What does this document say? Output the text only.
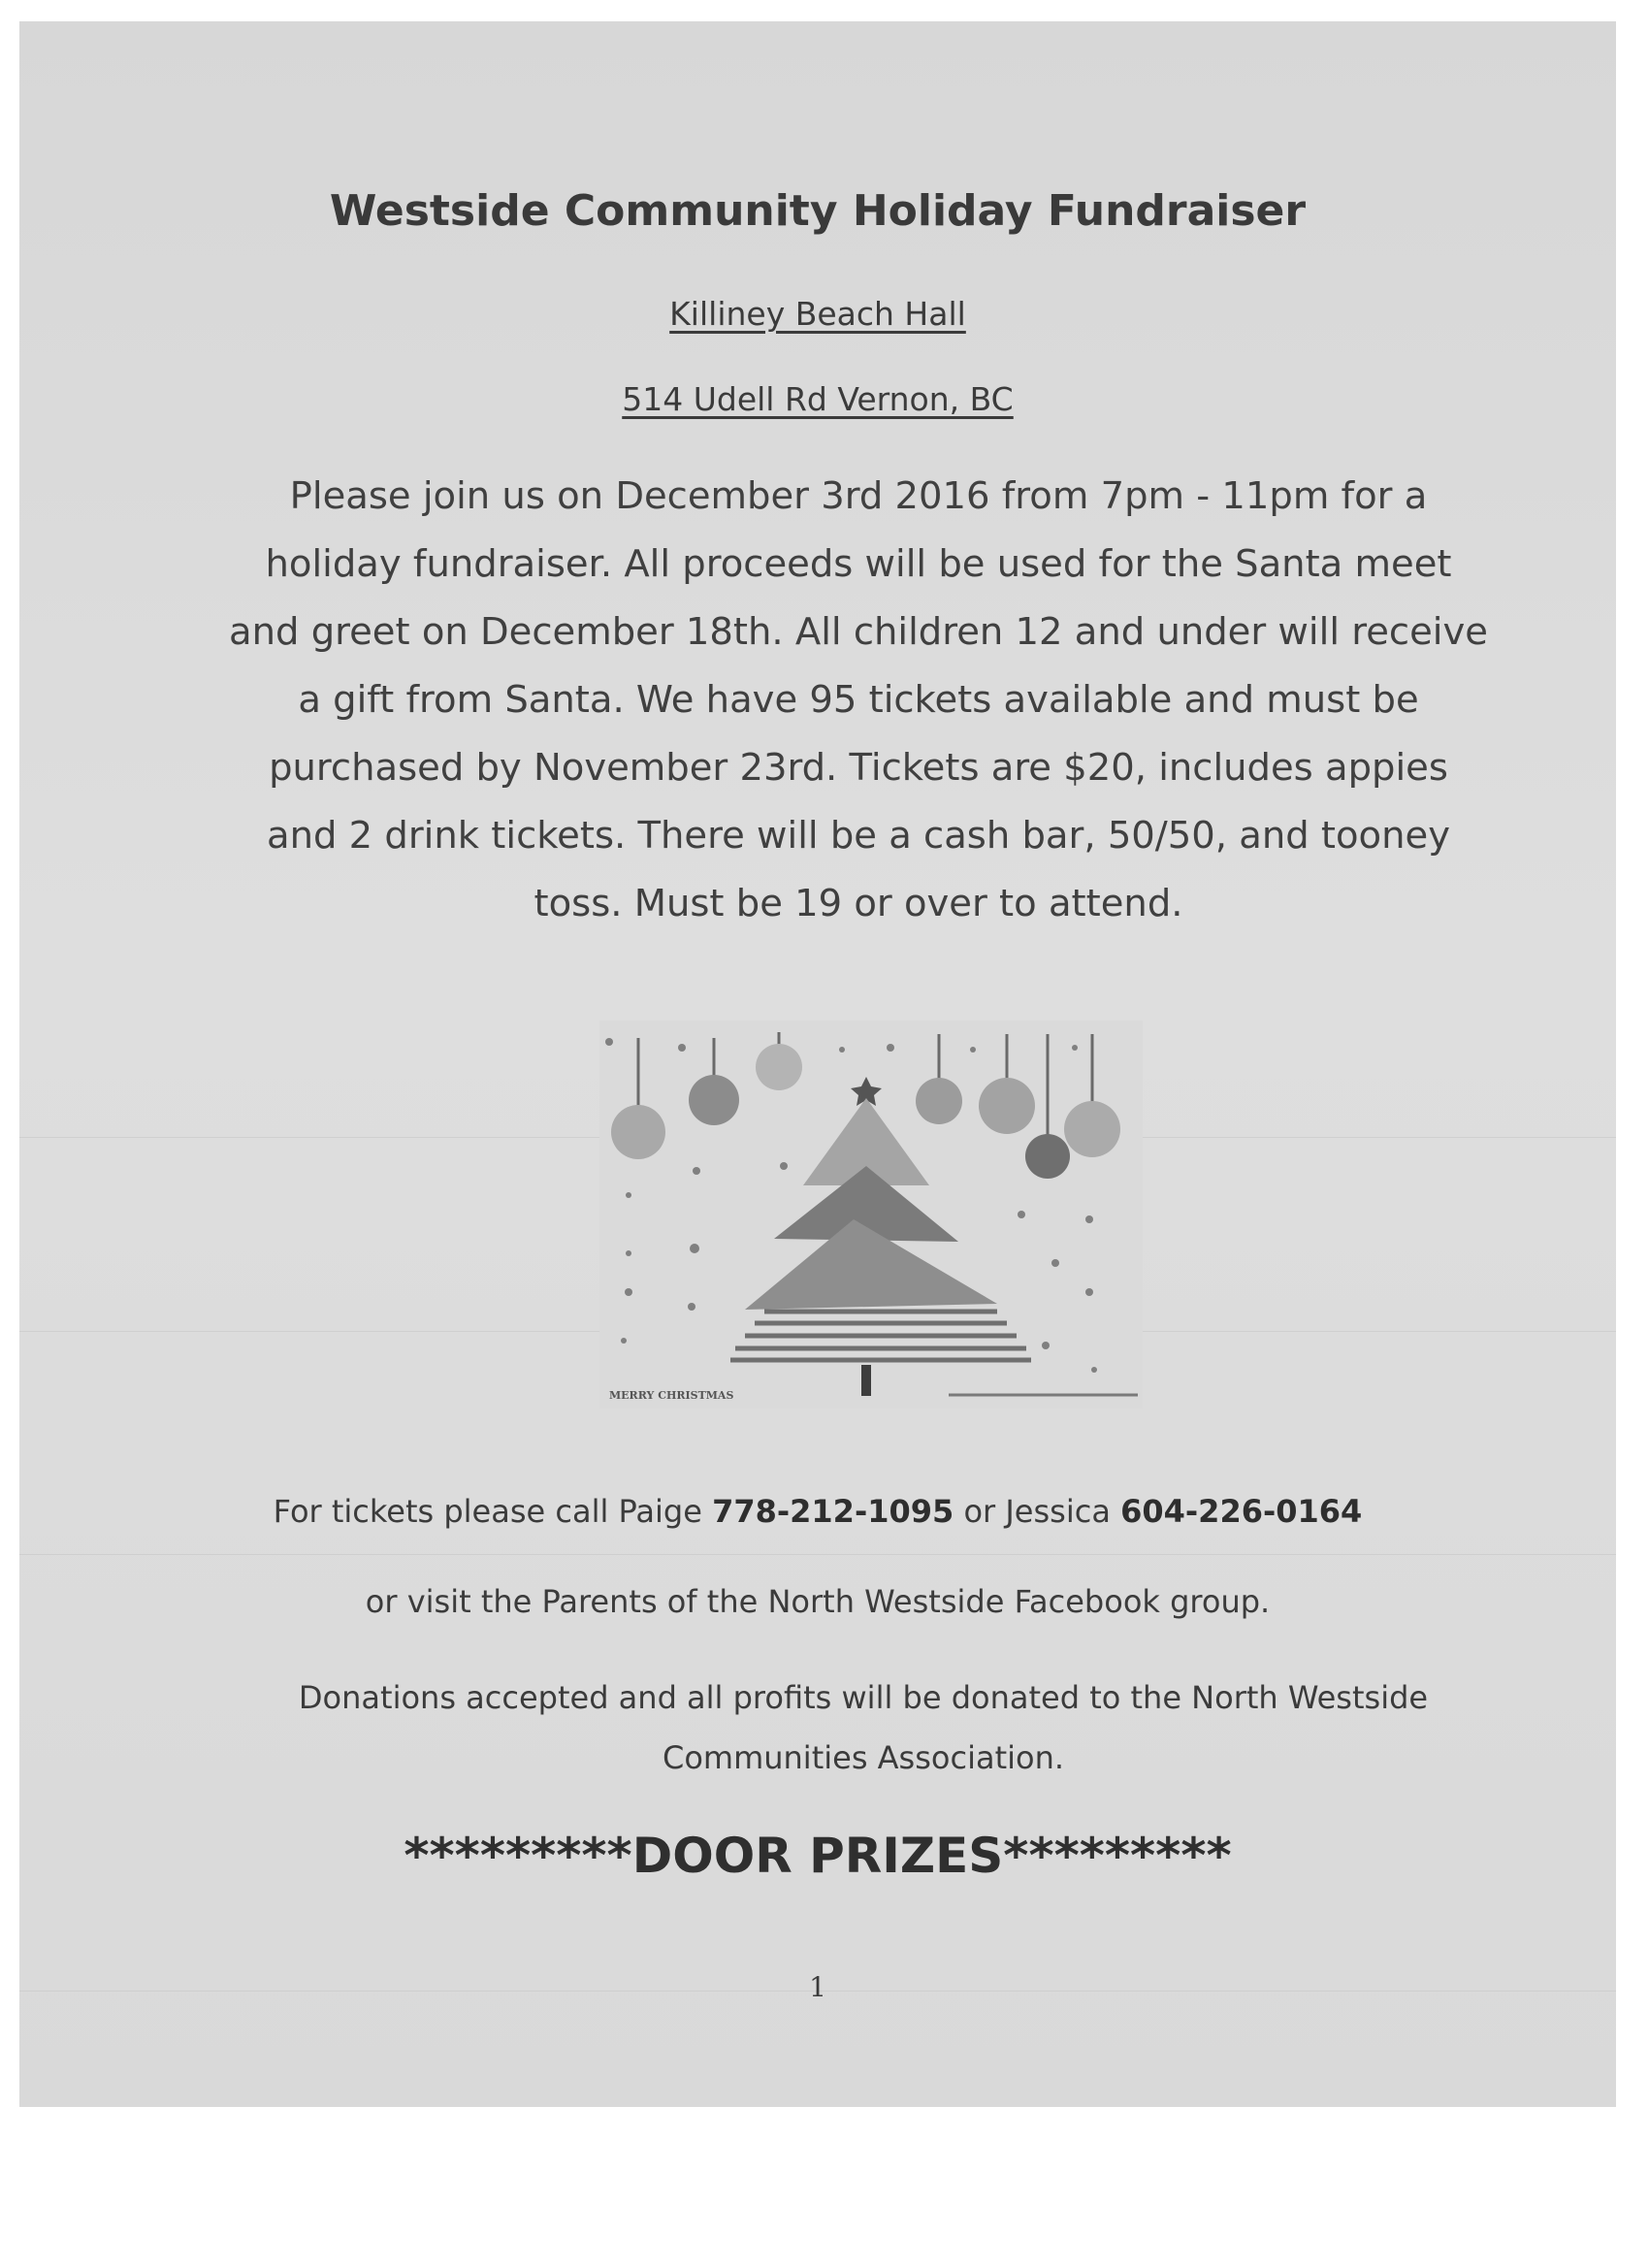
Westside Community Holiday Fundraiser
Killiney Beach Hall
514 Udell Rd Vernon, BC
Please join us on December 3rd 2016 from 7pm - 11pm for a holiday fundraiser. All proceeds will be used for the Santa meet and greet on December 18th. All children 12 and under will receive a gift from Santa. We have 95 tickets available and must be purchased by November 23rd. Tickets are $20, includes appies and 2 drink tickets. There will be a cash bar, 50/50, and tooney toss. Must be 19 or over to attend.
MERRY CHRISTMAS
For tickets please call Paige 778-212-1095 or Jessica 604-226-0164
or visit the Parents of the North Westside Facebook group.
Donations accepted and all profits will be donated to the North Westside Communities Association.
*********DOOR PRIZES*********
1
